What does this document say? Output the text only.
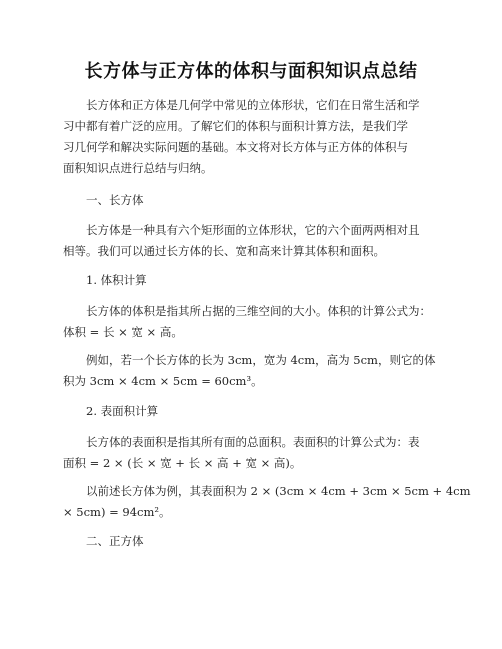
长方体与正方体的体积与面积知识点总结
长方体和正方体是几何学中常见的立体形状，它们在日常生活和学
习中都有着广泛的应用。了解它们的体积与面积计算方法，是我们学
习几何学和解决实际问题的基础。本文将对长方体与正方体的体积与
面积知识点进行总结与归纳。
一、长方体
长方体是一种具有六个矩形面的立体形状，它的六个面两两相对且
相等。我们可以通过长方体的长、宽和高来计算其体积和面积。
1. 体积计算
长方体的体积是指其所占据的三维空间的大小。体积的计算公式为：
体积 = 长 × 宽 × 高。
例如，若一个长方体的长为 3cm，宽为 4cm，高为 5cm，则它的体
积为 3cm × 4cm × 5cm = 60cm³。
2. 表面积计算
长方体的表面积是指其所有面的总面积。表面积的计算公式为：表
面积 = 2 × (长 × 宽 + 长 × 高 + 宽 × 高)。
以前述长方体为例，其表面积为 2 × (3cm × 4cm + 3cm × 5cm + 4cm
× 5cm) = 94cm²。
二、正方体
